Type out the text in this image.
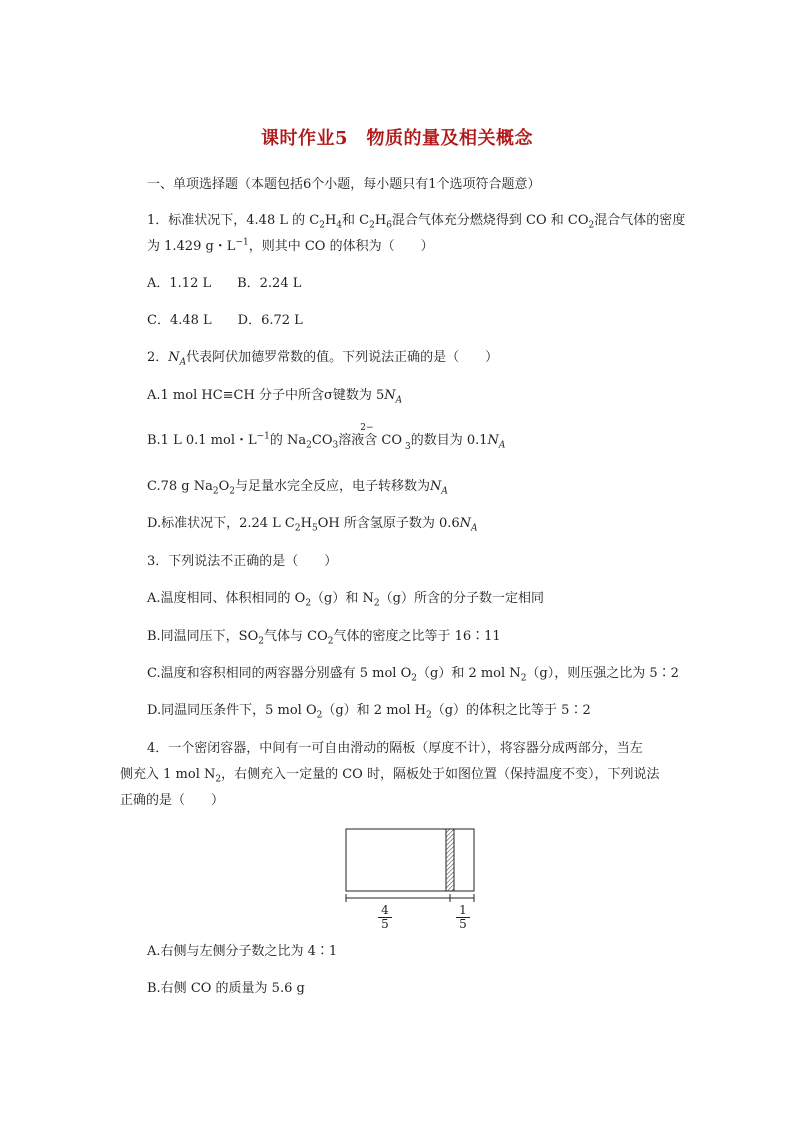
课时作业5　物质的量及相关概念
一、单项选择题（本题包括6个小题，每小题只有1个选项符合题意）
1．标准状况下，4.48 L 的 $C_2H_4$和 $C_2H_6$混合气体充分燃烧得到 CO 和 $CO_2$混合气体的密度
为 1.429 g・$L^{-1}$，则其中 CO 的体积为（　　）
A．1.12 L　　B．2.24 L
C．4.48 L　　D．6.72 L
2．$N_A$代表阿伏加德罗常数的值。下列说法正确的是（　　）
A.1 mol HC≡CH 分子中所含σ键数为 $5N_A$
B.1 L 0.1 mol・$L^{-1}$的 $Na_2CO_3$溶液含 CO
2−
$_3$的数目为 $0.1N_A$
C.78 g $Na_2O_2$与足量水完全反应，电子转移数为$N_A$
D.标准状况下，2.24 L $C_2H_5OH$ 所含氢原子数为 $0.6N_A$
3．下列说法不正确的是（　　）
A.温度相同、体积相同的 $O_2(g)$和 $N_2(g)$所含的分子数一定相同
B.同温同压下，$SO_2$气体与 $CO_2$气体的密度之比等于 16∶11
C.温度和容积相同的两容器分别盛有 5 mol $O_2(g)$和 2 mol $N_2(g)$，则压强之比为 5∶2
D.同温同压条件下，5 mol $O_2(g)$和 2 mol $H_2(g)$的体积之比等于 5∶2
4．一个密闭容器，中间有一可自由滑动的隔板（厚度不计），将容器分成两部分，当左
侧充入 1 mol $N_2$，右侧充入一定量的 CO 时，隔板处于如图位置（保持温度不变），下列说法
正确的是（　　）
$\frac{4}{5}$	$\frac{1}{5}$
A.右侧与左侧分子数之比为 4∶1
B.右侧 CO 的质量为 5.6 g
